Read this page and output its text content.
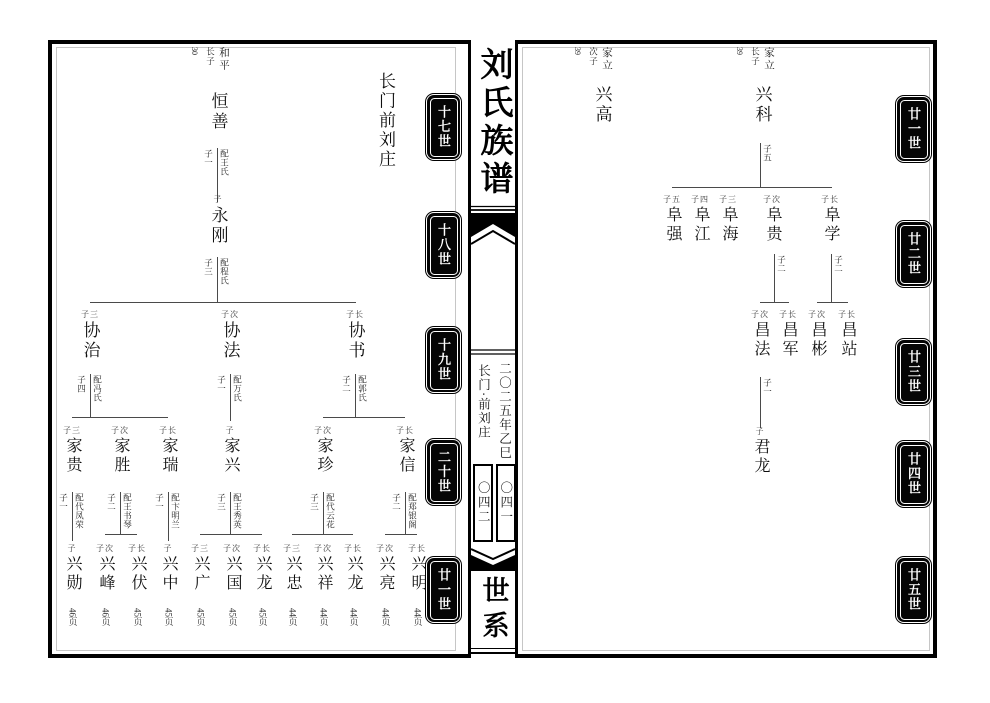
长门前刘庄 刘氏族谱
二〇二五年乙巳
长门·前刘庄
〇四一
〇四二
世系
恒善
配王氏
子一
30 长子 和平
子
永刚
配程氏
子三
子三
协治
配冯氏
子四
子次
协法
配万氏
子一
子长
协书
配郭氏
子二
子三
家贵
配代凤荣
子一
子次
家胜
配王书琴
子二
子长
家瑞
配卞明兰
子一
子
家兴
配王秀英
子三
子次
家珍
配代云花
子三
子长
家信
配郑银阁
子二
子
兴勋
46页
子次
兴峰
46页
子长
兴伏
45页
子
兴中
45页
子三
兴广
45页
子次
兴国
45页
子长
兴龙
45页
子三
兴忠
44页
子次
兴祥
44页
子长
兴龙
44页
子次
兴亮
44页
子长
兴明
44页
兴高
39 次子 家立
兴科
子五
39 长子 家立
子五
阜强
子四
阜江
子三
阜海
子次
阜贵
子二
子长
阜学
子二
子次
昌法
子一
子长
昌军
子次
昌彬
子长
昌站
子
君龙
十七世
十八世
十九世
二十世
廿一世
廿一世
廿二世
廿三世
廿四世
廿五世
